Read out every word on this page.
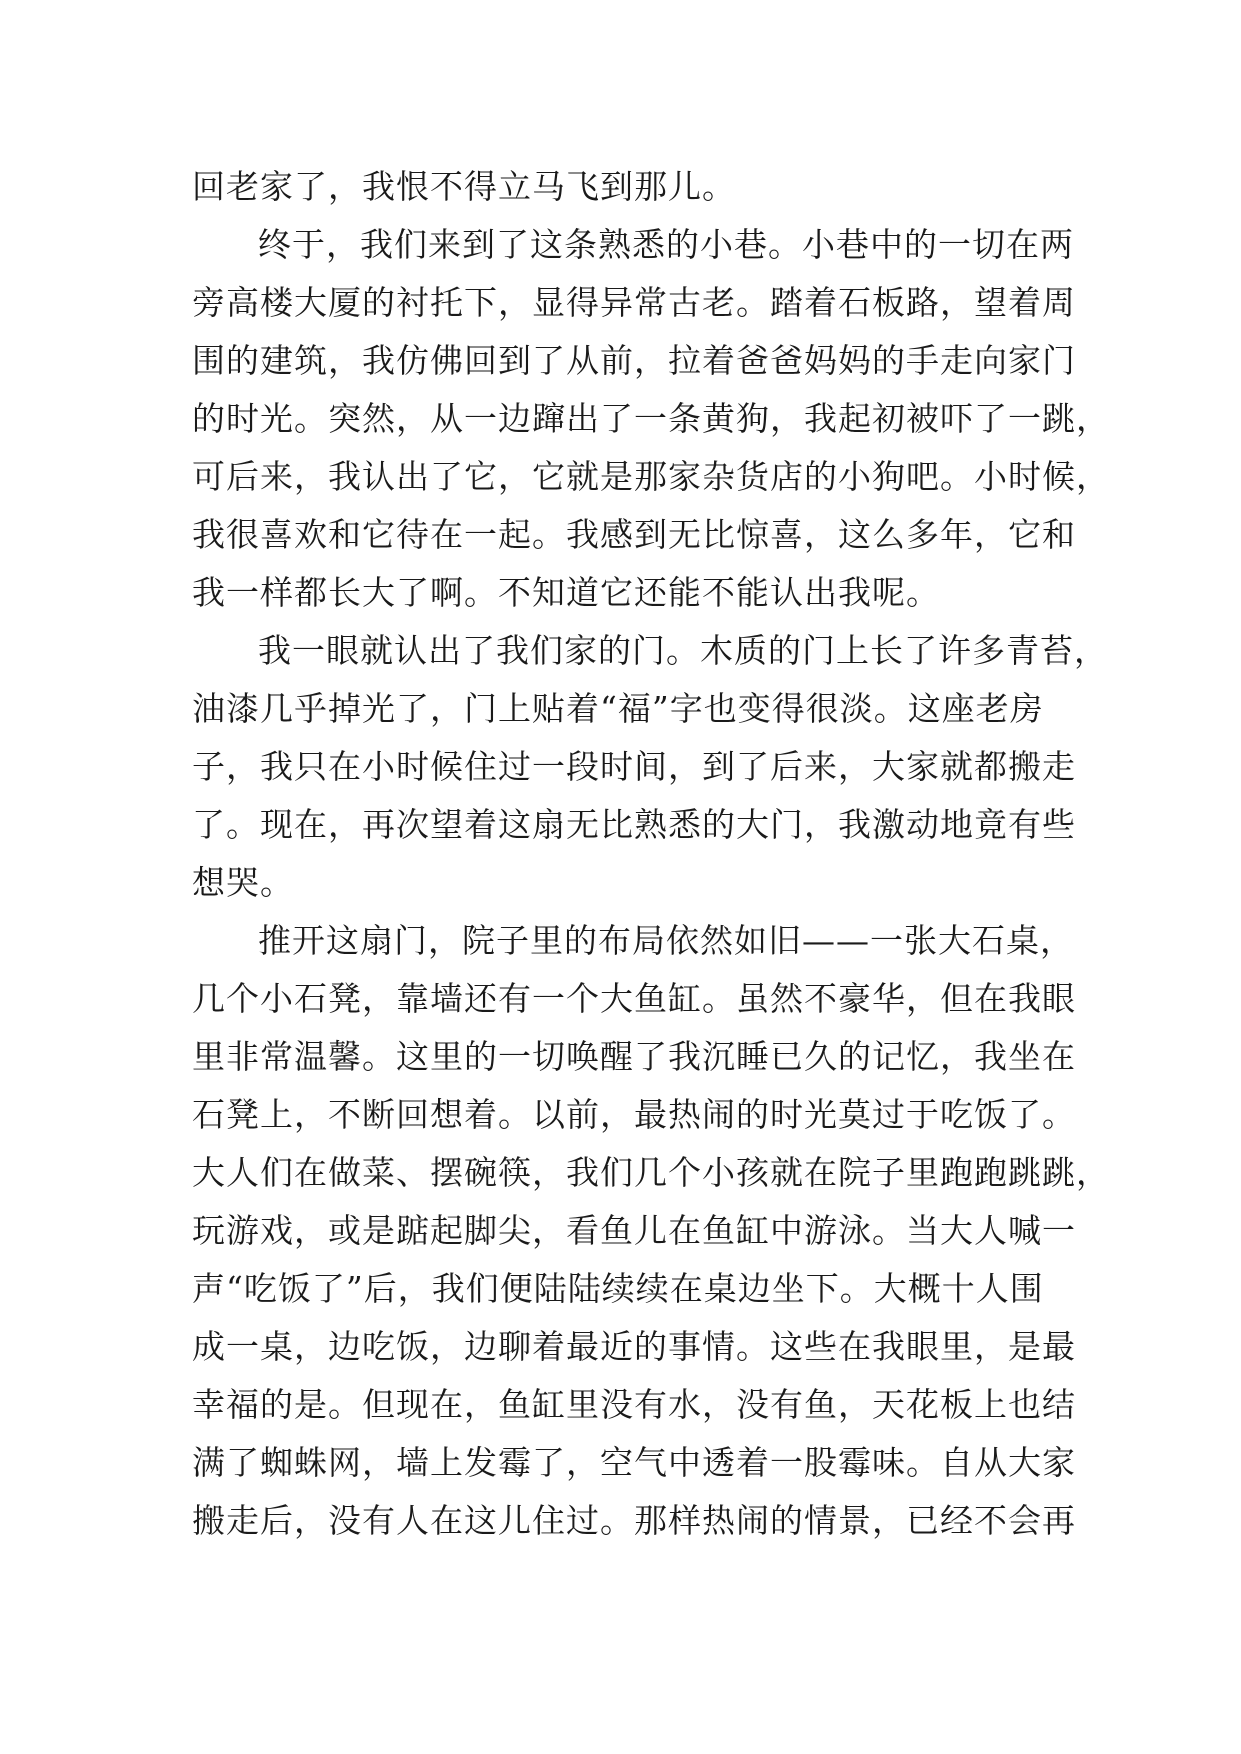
回老家了，我恨不得立马飞到那儿。
终于，我们来到了这条熟悉的小巷。小巷中的一切在两
旁高楼大厦的衬托下，显得异常古老。踏着石板路，望着周
围的建筑，我仿佛回到了从前，拉着爸爸妈妈的手走向家门
的时光。突然，从一边蹿出了一条黄狗，我起初被吓了一跳，
可后来，我认出了它，它就是那家杂货店的小狗吧。小时候，
我很喜欢和它待在一起。我感到无比惊喜，这么多年，它和
我一样都长大了啊。不知道它还能不能认出我呢。
我一眼就认出了我们家的门。木质的门上长了许多青苔，
油漆几乎掉光了，门上贴着“福”字也变得很淡。这座老房
子，我只在小时候住过一段时间，到了后来，大家就都搬走
了。现在，再次望着这扇无比熟悉的大门，我激动地竟有些
想哭。
推开这扇门，院子里的布局依然如旧——一张大石桌，
几个小石凳，靠墙还有一个大鱼缸。虽然不豪华，但在我眼
里非常温馨。这里的一切唤醒了我沉睡已久的记忆，我坐在
石凳上，不断回想着。以前，最热闹的时光莫过于吃饭了。
大人们在做菜、摆碗筷，我们几个小孩就在院子里跑跑跳跳，
玩游戏，或是踮起脚尖，看鱼儿在鱼缸中游泳。当大人喊一
声“吃饭了”后，我们便陆陆续续在桌边坐下。大概十人围
成一桌，边吃饭，边聊着最近的事情。这些在我眼里，是最
幸福的是。但现在，鱼缸里没有水，没有鱼，天花板上也结
满了蜘蛛网，墙上发霉了，空气中透着一股霉味。自从大家
搬走后，没有人在这儿住过。那样热闹的情景，已经不会再
